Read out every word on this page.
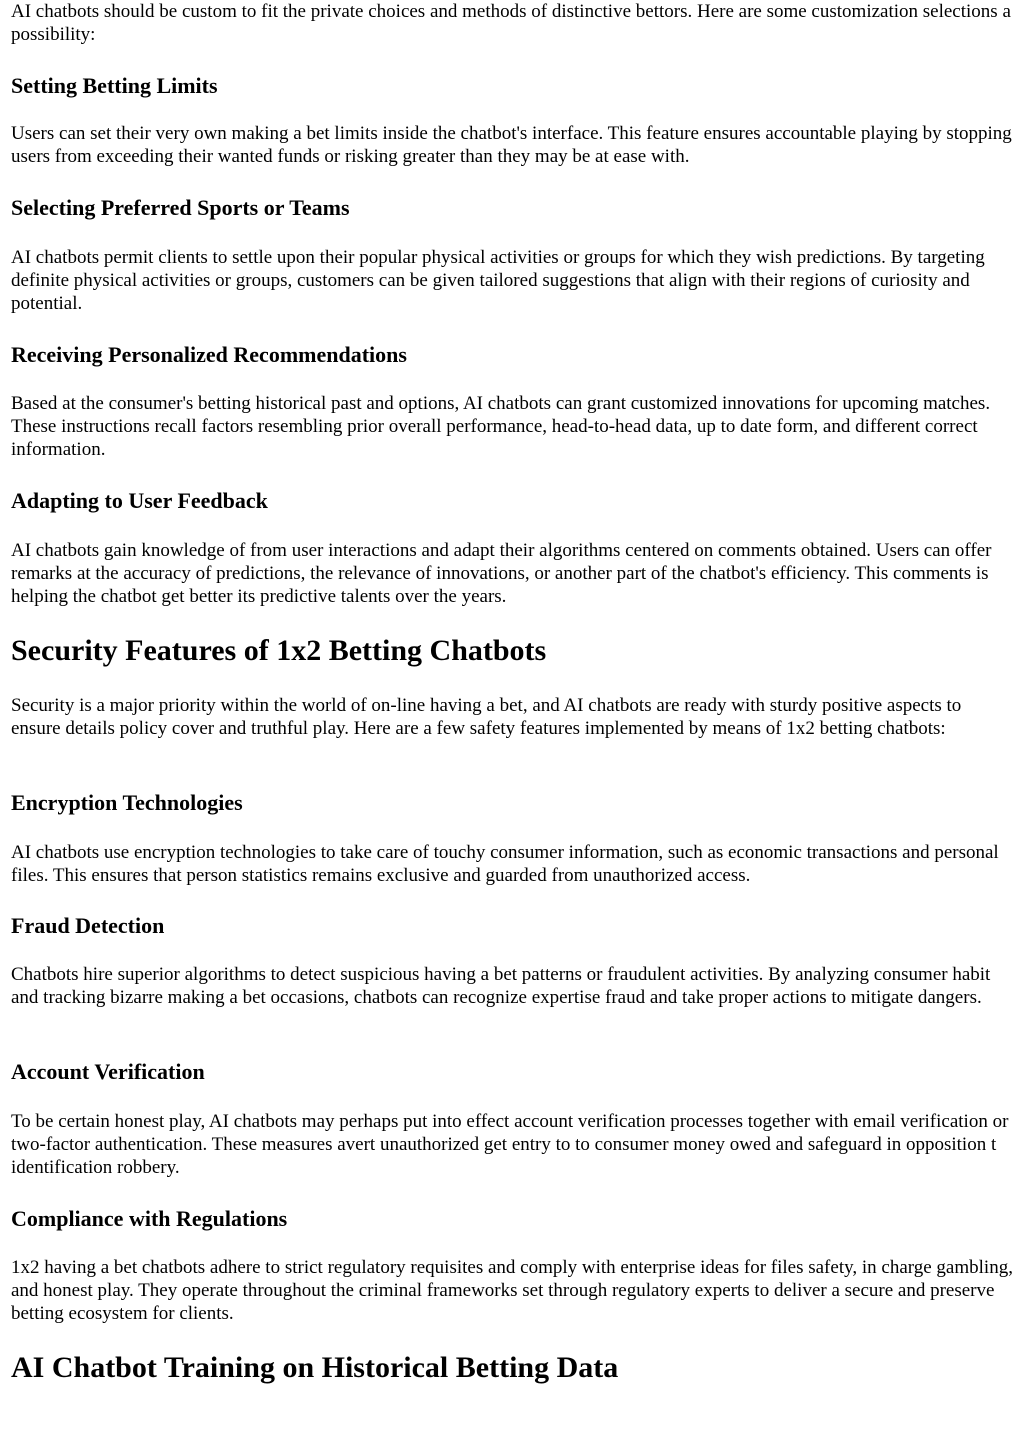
AI chatbots should be custom to fit the private choices and methods of distinctive bettors. Here are some customization selections a possibility:

Setting Betting Limits

Users can set their very own making a bet limits inside the chatbot's interface. This feature ensures accountable playing by stopping users from exceeding their wanted funds or risking greater than they may be at ease with.

Selecting Preferred Sports or Teams

AI chatbots permit clients to settle upon their popular physical activities or groups for which they wish predictions. By targeting definite physical activities or groups, customers can be given tailored suggestions that align with their regions of curiosity and potential.

Receiving Personalized Recommendations

Based at the consumer's betting historical past and options, AI chatbots can grant customized innovations for upcoming matches. These instructions recall factors resembling prior overall performance, head-to-head data, up to date form, and different correct information.

Adapting to User Feedback

AI chatbots gain knowledge of from user interactions and adapt their algorithms centered on comments obtained. Users can offer remarks at the accuracy of predictions, the relevance of innovations, or another part of the chatbot's efficiency. This comments is helping the chatbot get better its predictive talents over the years.

Security Features of 1x2 Betting Chatbots

Security is a major priority within the world of on-line having a bet, and AI chatbots are ready with sturdy positive aspects to ensure details policy cover and truthful play. Here are a few safety features implemented by means of 1x2 betting chatbots:

Encryption Technologies

AI chatbots use encryption technologies to take care of touchy consumer information, such as economic transactions and personal files. This ensures that person statistics remains exclusive and guarded from unauthorized access.

Fraud Detection

Chatbots hire superior algorithms to detect suspicious having a bet patterns or fraudulent activities. By analyzing consumer habit and tracking bizarre making a bet occasions, chatbots can recognize expertise fraud and take proper actions to mitigate dangers.

Account Verification

To be certain honest play, AI chatbots may perhaps put into effect account verification processes together with email verification or two-factor authentication. These measures avert unauthorized get entry to to consumer money owed and safeguard in opposition t identification robbery.

Compliance with Regulations

1x2 having a bet chatbots adhere to strict regulatory requisites and comply with enterprise ideas for files safety, in charge gambling, and honest play. They operate throughout the criminal frameworks set through regulatory experts to deliver a secure and preserve betting ecosystem for clients.

AI Chatbot Training on Historical Betting Data
